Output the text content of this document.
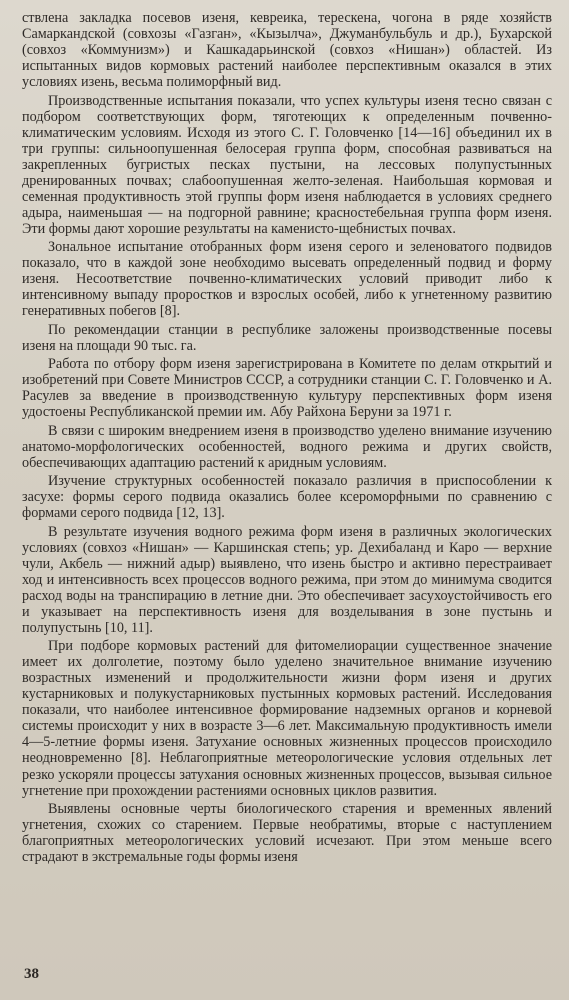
ствлена закладка посевов изеня, кевреика, терескена, чогона в ряде хозяйств Самаркандской (совхозы «Газган», «Кызылча», Джуманбульбуль и др.), Бухарской (совхоз «Коммунизм») и Кашкадарьинской (совхоз «Нишан») областей. Из испытанных видов кормовых растений наиболее перспективным оказался в этих условиях изень, весьма полиморфный вид.

Производственные испытания показали, что успех культуры изеня тесно связан с подбором соответствующих форм, тяготеющих к определенным почвенно-климатическим условиям. Исходя из этого С. Г. Головченко [14—16] объединил их в три группы: сильноопушенная белосерая группа форм, способная развиваться на закрепленных бугристых песках пустыни, на лессовых полупустынных дренированных почвах; слабоопушенная желто-зеленая. Наибольшая кормовая и семенная продуктивность этой группы форм изеня наблюдается в условиях среднего адыра, наименьшая — на подгорной равнине; красностебельная группа форм изеня. Эти формы дают хорошие результаты на каменисто-щебнистых почвах.

Зональное испытание отобранных форм изеня серого и зеленоватого подвидов показало, что в каждой зоне необходимо высевать определенный подвид и форму изеня. Несоответствие почвенно-климатических условий приводит либо к интенсивному выпаду проростков и взрослых особей, либо к угнетенному развитию генеративных побегов [8].

По рекомендации станции в республике заложены производственные посевы изеня на площади 90 тыс. га.

Работа по отбору форм изеня зарегистрирована в Комитете по делам открытий и изобретений при Совете Министров СССР, а сотрудники станции С. Г. Головченко и А. Расулев за введение в производственную культуру перспективных форм изеня удостоены Республиканской премии им. Абу Райхона Беруни за 1971 г.

В связи с широким внедрением изеня в производство уделено внимание изучению анатомо-морфологических особенностей, водного режима и других свойств, обеспечивающих адаптацию растений к аридным условиям.

Изучение структурных особенностей показало различия в приспособлении к засухе: формы серого подвида оказались более ксероморфными по сравнению с формами серого подвида [12, 13].

В результате изучения водного режима форм изеня в различных экологических условиях (совхоз «Нишан» — Каршинская степь; ур. Дехибаланд и Каро — верхние чули, Акбель — нижний адыр) выявлено, что изень быстро и активно перестраивает ход и интенсивность всех процессов водного режима, при этом до минимума сводится расход воды на транспирацию в летние дни. Это обеспечивает засухоустойчивость его и указывает на перспективность изеня для возделывания в зоне пустынь и полупустынь [10, 11].

При подборе кормовых растений для фитомелиорации существенное значение имеет их долголетие, поэтому было уделено значительное внимание изучению возрастных изменений и продолжительности жизни форм изеня и других кустарниковых и полукустарниковых пустынных кормовых растений. Исследования показали, что наиболее интенсивное формирование надземных органов и корневой системы происходит у них в возрасте 3—6 лет. Максимальную продуктивность имели 4—5-летние формы изеня. Затухание основных жизненных процессов происходило неодновременно [8]. Неблагоприятные метеорологические условия отдельных лет резко ускоряли процессы затухания основных жизненных процессов, вызывая сильное угнетение при прохождении растениями основных циклов развития.

Выявлены основные черты биологического старения и временных явлений угнетения, схожих со старением. Первые необратимы, вторые с наступлением благоприятных метеорологических условий исчезают. При этом меньше всего страдают в экстремальные годы формы изеня

38
